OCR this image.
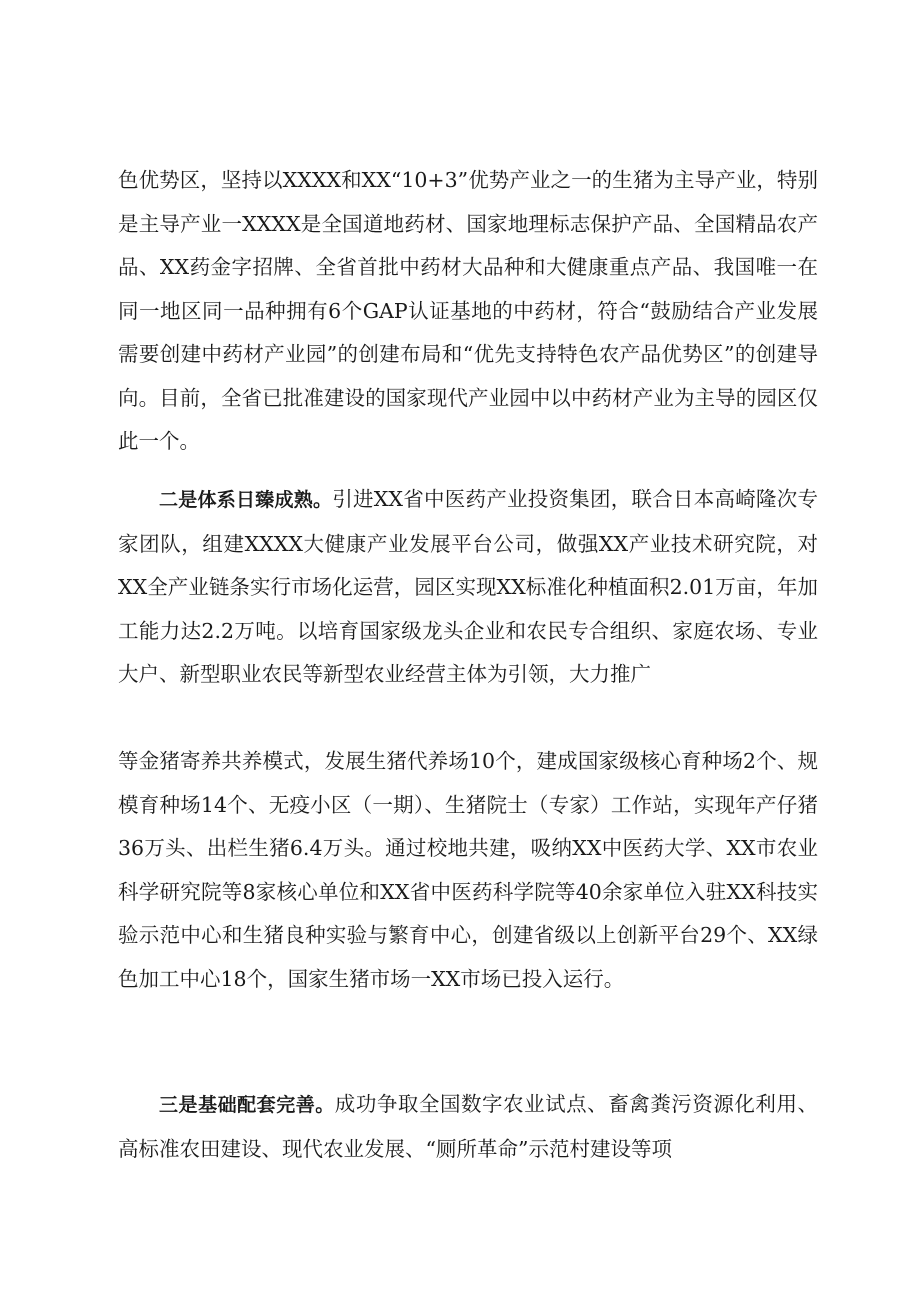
色优势区，坚持以XXXX和XX“10+3”优势产业之一的生猪为主导产业，特别是主导产业一XXXX是全国道地药材、国家地理标志保护产品、全国精品农产品、XX药金字招牌、全省首批中药材大品种和大健康重点产品、我国唯一在同一地区同一品种拥有6个GAP认证基地的中药材，符合“鼓励结合产业发展需要创建中药材产业园”的创建布局和“优先支持特色农产品优势区”的创建导向。目前，全省已批准建设的国家现代产业园中以中药材产业为主导的园区仅此一个。

二是体系日臻成熟。引进XX省中医药产业投资集团，联合日本高崎隆次专家团队，组建XXXX大健康产业发展平台公司，做强XX产业技术研究院，对XX全产业链条实行市场化运营，园区实现XX标准化种植面积2.01万亩，年加工能力达2.2万吨。以培育国家级龙头企业和农民专合组织、家庭农场、专业大户、新型职业农民等新型农业经营主体为引领，大力推广

等金猪寄养共养模式，发展生猪代养场10个，建成国家级核心育种场2个、规模育种场14个、无疫小区（一期）、生猪院士（专家）工作站，实现年产仔猪36万头、出栏生猪6.4万头。通过校地共建，吸纳XX中医药大学、XX市农业科学研究院等8家核心单位和XX省中医药科学院等40余家单位入驻XX科技实验示范中心和生猪良种实验与繁育中心，创建省级以上创新平台29个、XX绿色加工中心18个，国家生猪市场一XX市场已投入运行。

三是基础配套完善。成功争取全国数字农业试点、畜禽粪污资源化利用、高标准农田建设、现代农业发展、“厕所革命”示范村建设等项
